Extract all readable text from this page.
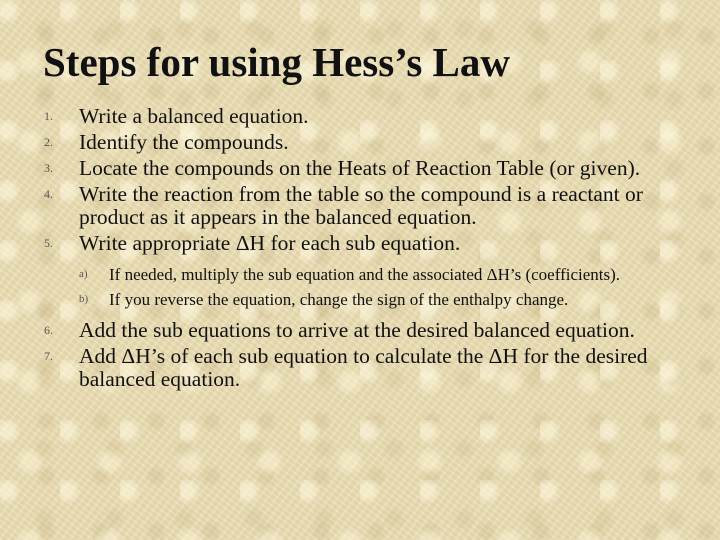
Steps for using Hess’s Law
1. Write a balanced equation.
2. Identify the compounds.
3. Locate the compounds on the Heats of Reaction Table (or given).
4. Write the reaction from the table so the compound is a reactant or product as it appears in the balanced equation.
5. Write appropriate ΔH for each sub equation.
a) If needed, multiply the sub equation and the associated ΔH’s (coefficients).
b) If you reverse the equation, change the sign of the enthalpy change.
6. Add the sub equations to arrive at the desired balanced equation.
7. Add ΔH’s of each sub equation to calculate the ΔH for the desired balanced equation.
